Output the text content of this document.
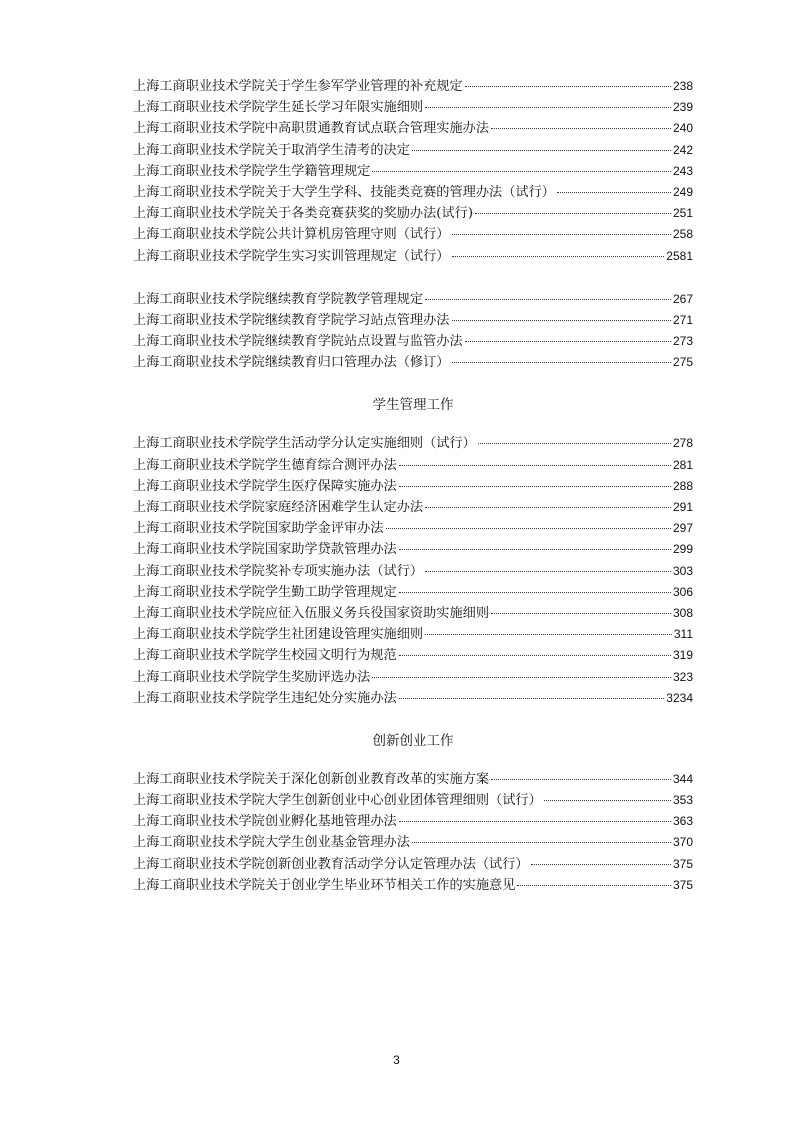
上海工商职业技术学院关于学生参军学业管理的补充规定	238
上海工商职业技术学院学生延长学习年限实施细则	239
上海工商职业技术学院中高职贯通教育试点联合管理实施办法	240
上海工商职业技术学院关于取消学生清考的决定	242
上海工商职业技术学院学生学籍管理规定	243
上海工商职业技术学院关于大学生学科、技能类竞赛的管理办法（试行）	249
上海工商职业技术学院关于各类竞赛获奖的奖励办法(试行)	251
上海工商职业技术学院公共计算机房管理守则（试行）	258
上海工商职业技术学院学生实习实训管理规定（试行）	2581
上海工商职业技术学院继续教育学院教学管理规定	267
上海工商职业技术学院继续教育学院学习站点管理办法	271
上海工商职业技术学院继续教育学院站点设置与监管办法	273
上海工商职业技术学院继续教育归口管理办法（修订）	275
学生管理工作
上海工商职业技术学院学生活动学分认定实施细则（试行）	278
上海工商职业技术学院学生德育综合测评办法	281
上海工商职业技术学院学生医疗保障实施办法	288
上海工商职业技术学院家庭经济困难学生认定办法	291
上海工商职业技术学院国家助学金评审办法	297
上海工商职业技术学院国家助学贷款管理办法	299
上海工商职业技术学院奖补专项实施办法（试行）	303
上海工商职业技术学院学生勤工助学管理规定	306
上海工商职业技术学院应征入伍服义务兵役国家资助实施细则	308
上海工商职业技术学院学生社团建设管理实施细则	311
上海工商职业技术学院学生校园文明行为规范	319
上海工商职业技术学院学生奖励评选办法	323
上海工商职业技术学院学生违纪处分实施办法	3234
创新创业工作
上海工商职业技术学院关于深化创新创业教育改革的实施方案	344
上海工商职业技术学院大学生创新创业中心创业团体管理细则（试行）	353
上海工商职业技术学院创业孵化基地管理办法	363
上海工商职业技术学院大学生创业基金管理办法	370
上海工商职业技术学院创新创业教育活动学分认定管理办法（试行）	375
上海工商职业技术学院关于创业学生毕业环节相关工作的实施意见	375
3
